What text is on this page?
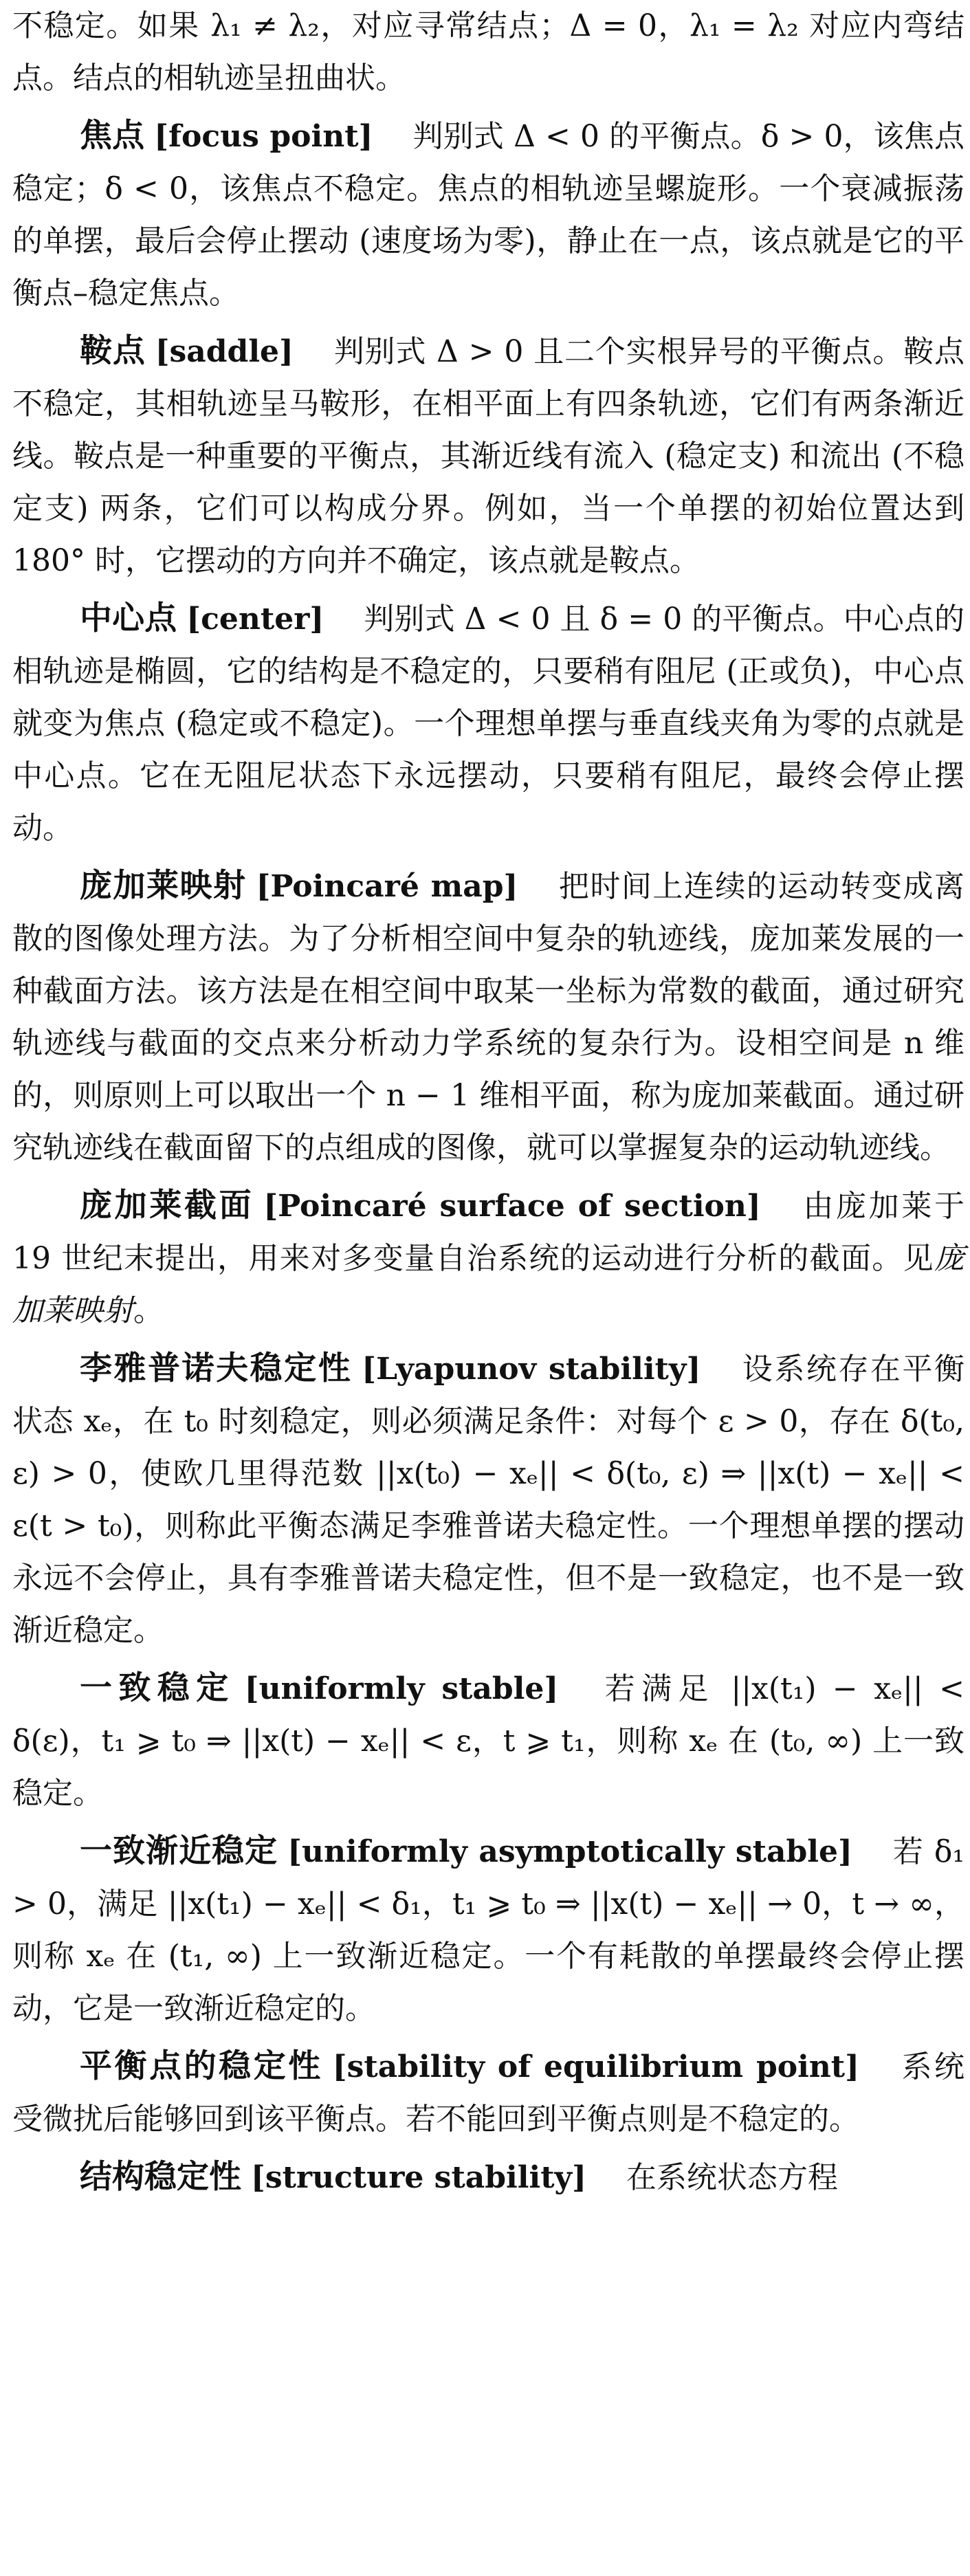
不稳定。如果 λ₁ ≠ λ₂，对应寻常结点；Δ = 0，λ₁ = λ₂ 对应内弯结点。结点的相轨迹呈扭曲状。

焦点 [focus point] 判别式 Δ < 0 的平衡点。δ > 0，该焦点稳定；δ < 0，该焦点不稳定。焦点的相轨迹呈螺旋形。一个衰减振荡的单摆，最后会停止摆动 (速度场为零)，静止在一点，该点就是它的平衡点–稳定焦点。

鞍点 [saddle] 判别式 Δ > 0 且二个实根异号的平衡点。鞍点不稳定，其相轨迹呈马鞍形，在相平面上有四条轨迹，它们有两条渐近线。鞍点是一种重要的平衡点，其渐近线有流入 (稳定支) 和流出 (不稳定支) 两条，它们可以构成分界。例如，当一个单摆的初始位置达到 180° 时，它摆动的方向并不确定，该点就是鞍点。

中心点 [center] 判别式 Δ < 0 且 δ = 0 的平衡点。中心点的相轨迹是椭圆，它的结构是不稳定的，只要稍有阻尼 (正或负)，中心点就变为焦点 (稳定或不稳定)。一个理想单摆与垂直线夹角为零的点就是中心点。它在无阻尼状态下永远摆动，只要稍有阻尼，最终会停止摆动。

庞加莱映射 [Poincaré map] 把时间上连续的运动转变成离散的图像处理方法。为了分析相空间中复杂的轨迹线，庞加莱发展的一种截面方法。该方法是在相空间中取某一坐标为常数的截面，通过研究轨迹线与截面的交点来分析动力学系统的复杂行为。设相空间是 n 维的，则原则上可以取出一个 n − 1 维相平面，称为庞加莱截面。通过研究轨迹线在截面留下的点组成的图像，就可以掌握复杂的运动轨迹线。

庞加莱截面 [Poincaré surface of section] 由庞加莱于 19 世纪末提出，用来对多变量自治系统的运动进行分析的截面。见庞加莱映射。

李雅普诺夫稳定性 [Lyapunov stability] 设系统存在平衡状态 xₑ，在 t₀ 时刻稳定，则必须满足条件：对每个 ε > 0，存在 δ(t₀, ε) > 0，使欧几里得范数 ||x(t₀) − xₑ|| < δ(t₀, ε) ⇒ ||x(t) − xₑ|| < ε(t > t₀)，则称此平衡态满足李雅普诺夫稳定性。一个理想单摆的摆动永远不会停止，具有李雅普诺夫稳定性，但不是一致稳定，也不是一致渐近稳定。

一致稳定 [uniformly stable] 若满足 ||x(t₁) − xₑ|| < δ(ε)，t₁ ⩾ t₀ ⇒ ||x(t) − xₑ|| < ε，t ⩾ t₁，则称 xₑ 在 (t₀, ∞) 上一致稳定。

一致渐近稳定 [uniformly asymptotically stable] 若 δ₁ > 0，满足 ||x(t₁) − xₑ|| < δ₁，t₁ ⩾ t₀ ⇒ ||x(t) − xₑ|| → 0，t → ∞，则称 xₑ 在 (t₁, ∞) 上一致渐近稳定。一个有耗散的单摆最终会停止摆动，它是一致渐近稳定的。

平衡点的稳定性 [stability of equilibrium point] 系统受微扰后能够回到该平衡点。若不能回到平衡点则是不稳定的。

结构稳定性 [structure stability] 在系统状态方程
